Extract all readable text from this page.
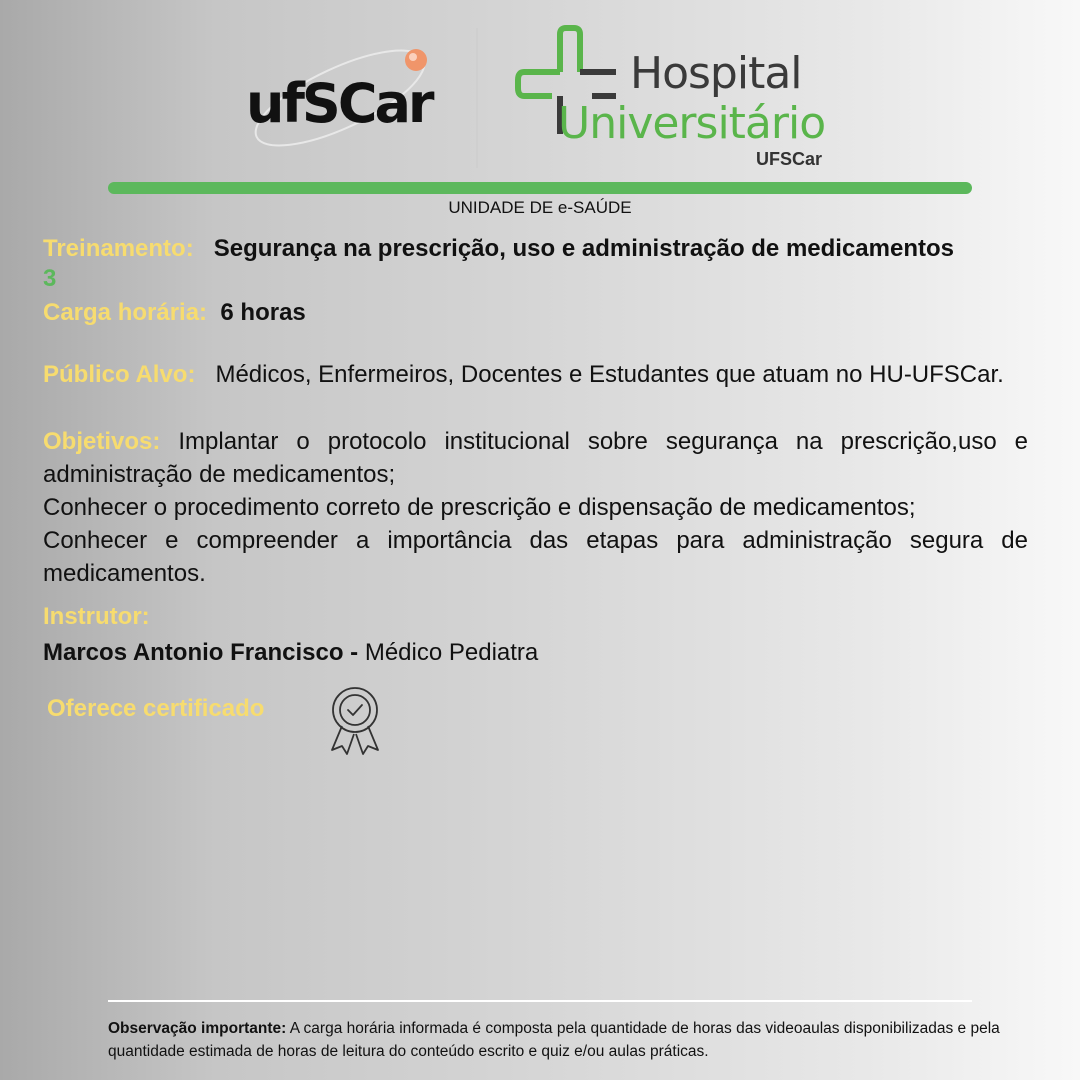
ufSCar	Hospital
Universitário
UFSCar
UNIDADE DE e-SAÚDE
Treinamento: Segurança na prescrição, uso e administração de medicamentos
3
Carga horária: 6 horas
Público Alvo: Médicos, Enfermeiros, Docentes e Estudantes que atuam no HU-UFSCar.
Objetivos: Implantar o protocolo institucional sobre segurança na prescrição,uso e administração de medicamentos;
Conhecer o procedimento correto de prescrição e dispensação de medicamentos;
Conhecer e compreender a importância das etapas para administração segura de medicamentos.
Instrutor:
Marcos Antonio Francisco - Médico Pediatra
Oferece certificado
Observação importante: A carga horária informada é composta pela quantidade de horas das videoaulas disponibilizadas e pela quantidade estimada de horas de leitura do conteúdo escrito e quiz e/ou aulas práticas.
